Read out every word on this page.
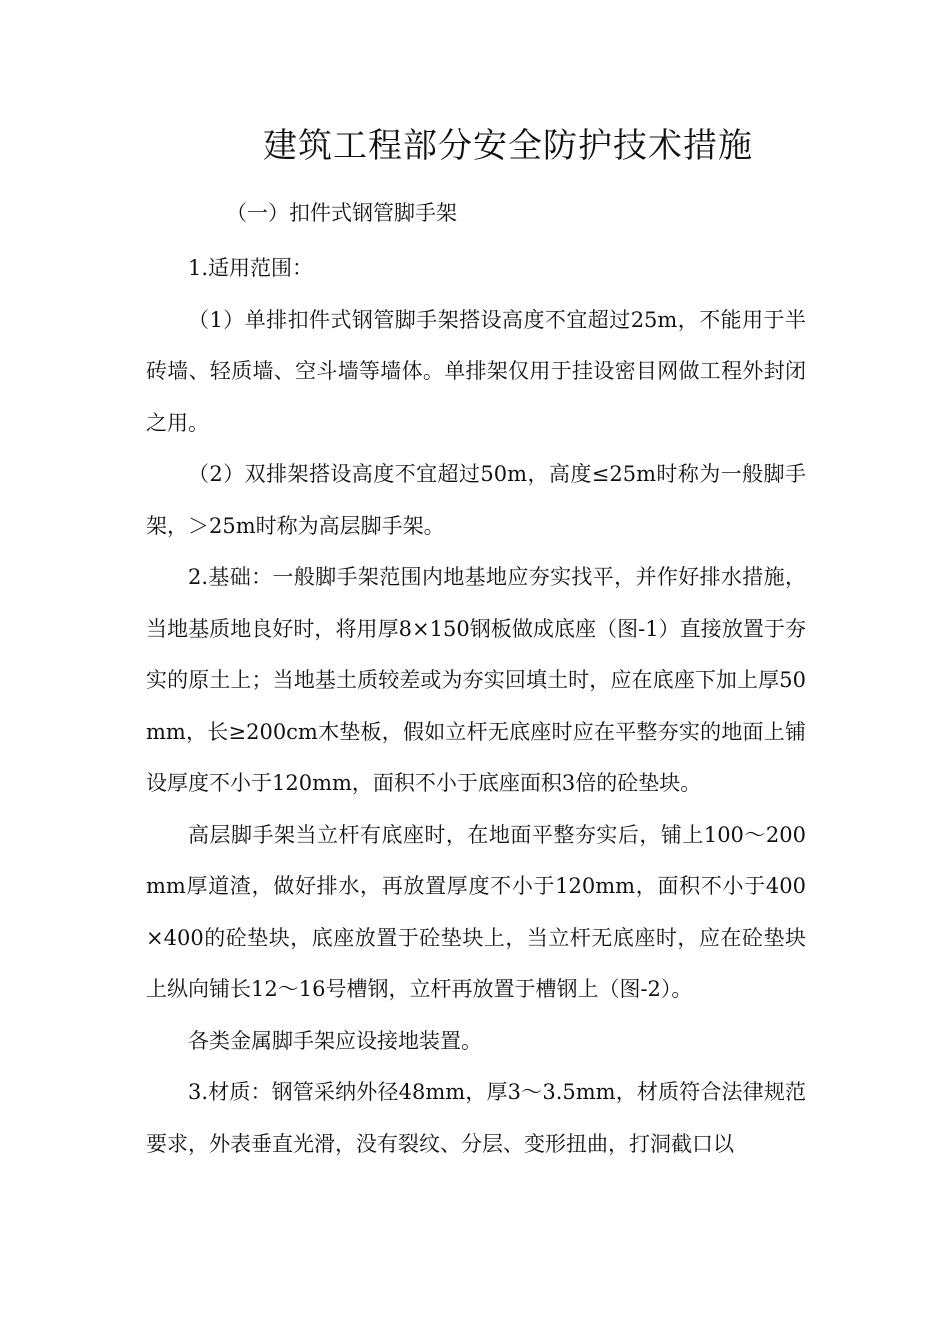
建筑工程部分安全防护技术措施
（一）扣件式钢管脚手架

1.适用范围：

（1）单排扣件式钢管脚手架搭设高度不宜超过25m，不能用于半砖墙、轻质墙、空斗墙等墙体。单排架仅用于挂设密目网做工程外封闭之用。

（2）双排架搭设高度不宜超过50m，高度≤25m时称为一般脚手架，＞25m时称为高层脚手架。

2.基础：一般脚手架范围内地基地应夯实找平，并作好排水措施，当地基质地良好时，将用厚8×150钢板做成底座（图-1）直接放置于夯实的原土上；当地基土质较差或为夯实回填土时，应在底座下加上厚50mm，长≥200cm木垫板，假如立杆无底座时应在平整夯实的地面上铺设厚度不小于120mm，面积不小于底座面积3倍的砼垫块。

高层脚手架当立杆有底座时，在地面平整夯实后，铺上100～200mm厚道渣，做好排水，再放置厚度不小于120mm，面积不小于400×400的砼垫块，底座放置于砼垫块上，当立杆无底座时，应在砼垫块上纵向铺长12～16号槽钢，立杆再放置于槽钢上（图-2）。

各类金属脚手架应设接地装置。

3.材质：钢管采纳外径48mm，厚3～3.5mm，材质符合法律规范要求，外表垂直光滑，没有裂纹、分层、变形扭曲，打洞截口以
